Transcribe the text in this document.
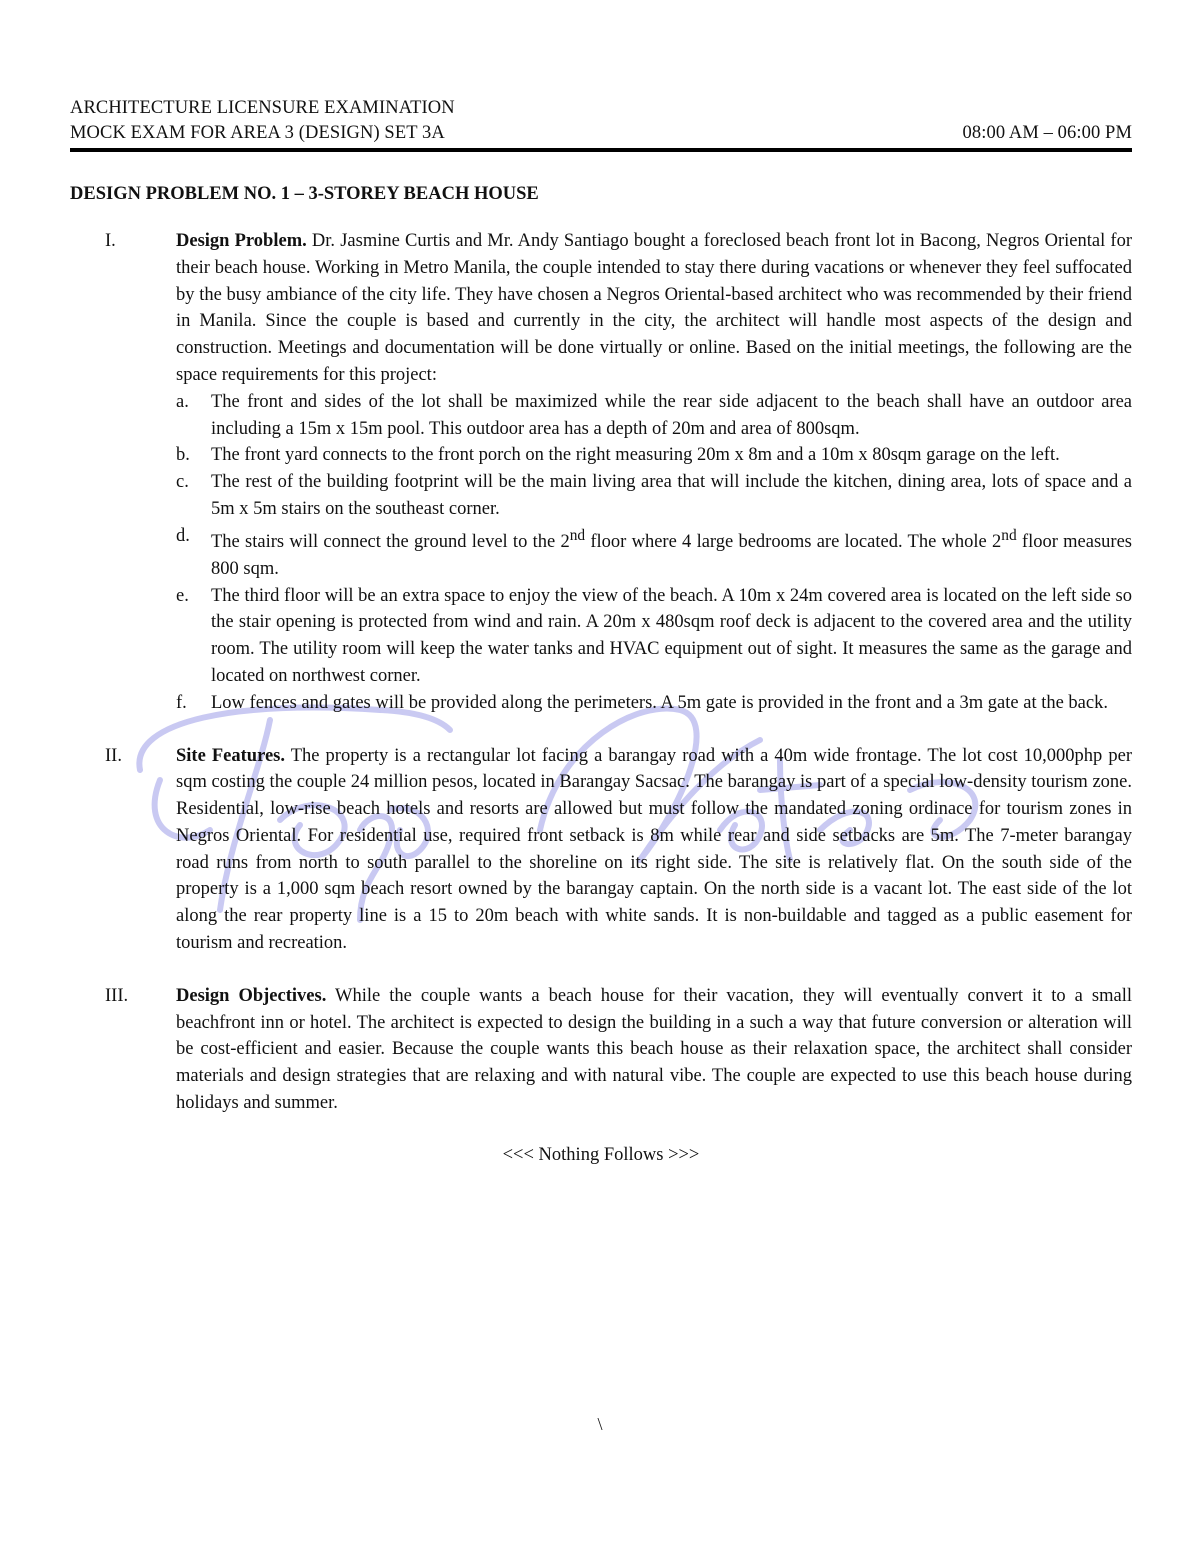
ARCHITECTURE LICENSURE EXAMINATION
MOCK EXAM FOR AREA 3 (DESIGN) SET 3A	08:00 AM – 06:00 PM
DESIGN PROBLEM NO. 1 – 3-STOREY BEACH HOUSE
I.	Design Problem. Dr. Jasmine Curtis and Mr. Andy Santiago bought a foreclosed beach front lot in Bacong, Negros Oriental for their beach house. Working in Metro Manila, the couple intended to stay there during vacations or whenever they feel suffocated by the busy ambiance of the city life. They have chosen a Negros Oriental-based architect who was recommended by their friend in Manila. Since the couple is based and currently in the city, the architect will handle most aspects of the design and construction. Meetings and documentation will be done virtually or online. Based on the initial meetings, the following are the space requirements for this project:
a.	The front and sides of the lot shall be maximized while the rear side adjacent to the beach shall have an outdoor area including a 15m x 15m pool. This outdoor area has a depth of 20m and area of 800sqm.
b.	The front yard connects to the front porch on the right measuring 20m x 8m and a 10m x 80sqm garage on the left.
c.	The rest of the building footprint will be the main living area that will include the kitchen, dining area, lots of space and a 5m x 5m stairs on the southeast corner.
d.	The stairs will connect the ground level to the 2nd floor where 4 large bedrooms are located. The whole 2nd floor measures 800 sqm.
e.	The third floor will be an extra space to enjoy the view of the beach. A 10m x 24m covered area is located on the left side so the stair opening is protected from wind and rain. A 20m x 480sqm roof deck is adjacent to the covered area and the utility room. The utility room will keep the water tanks and HVAC equipment out of sight. It measures the same as the garage and located on northwest corner.
f.	Low fences and gates will be provided along the perimeters. A 5m gate is provided in the front and a 3m gate at the back.
II.	Site Features. The property is a rectangular lot facing a barangay road with a 40m wide frontage. The lot cost 10,000php per sqm costing the couple 24 million pesos, located in Barangay Sacsac. The barangay is part of a special low-density tourism zone. Residential, low-rise beach hotels and resorts are allowed but must follow the mandated zoning ordinace for tourism zones in Negros Oriental. For residential use, required front setback is 8m while rear and side setbacks are 5m. The 7-meter barangay road runs from north to south parallel to the shoreline on its right side. The site is relatively flat. On the south side of the property is a 1,000 sqm beach resort owned by the barangay captain. On the north side is a vacant lot. The east side of the lot along the rear property line is a 15 to 20m beach with white sands. It is non-buildable and tagged as a public easement for tourism and recreation.
III.	Design Objectives. While the couple wants a beach house for their vacation, they will eventually convert it to a small beachfront inn or hotel. The architect is expected to design the building in a such a way that future conversion or alteration will be cost-efficient and easier. Because the couple wants this beach house as their relaxation space, the architect shall consider materials and design strategies that are relaxing and with natural vibe. The couple are expected to use this beach house during holidays and summer.
<<< Nothing Follows >>>
\
